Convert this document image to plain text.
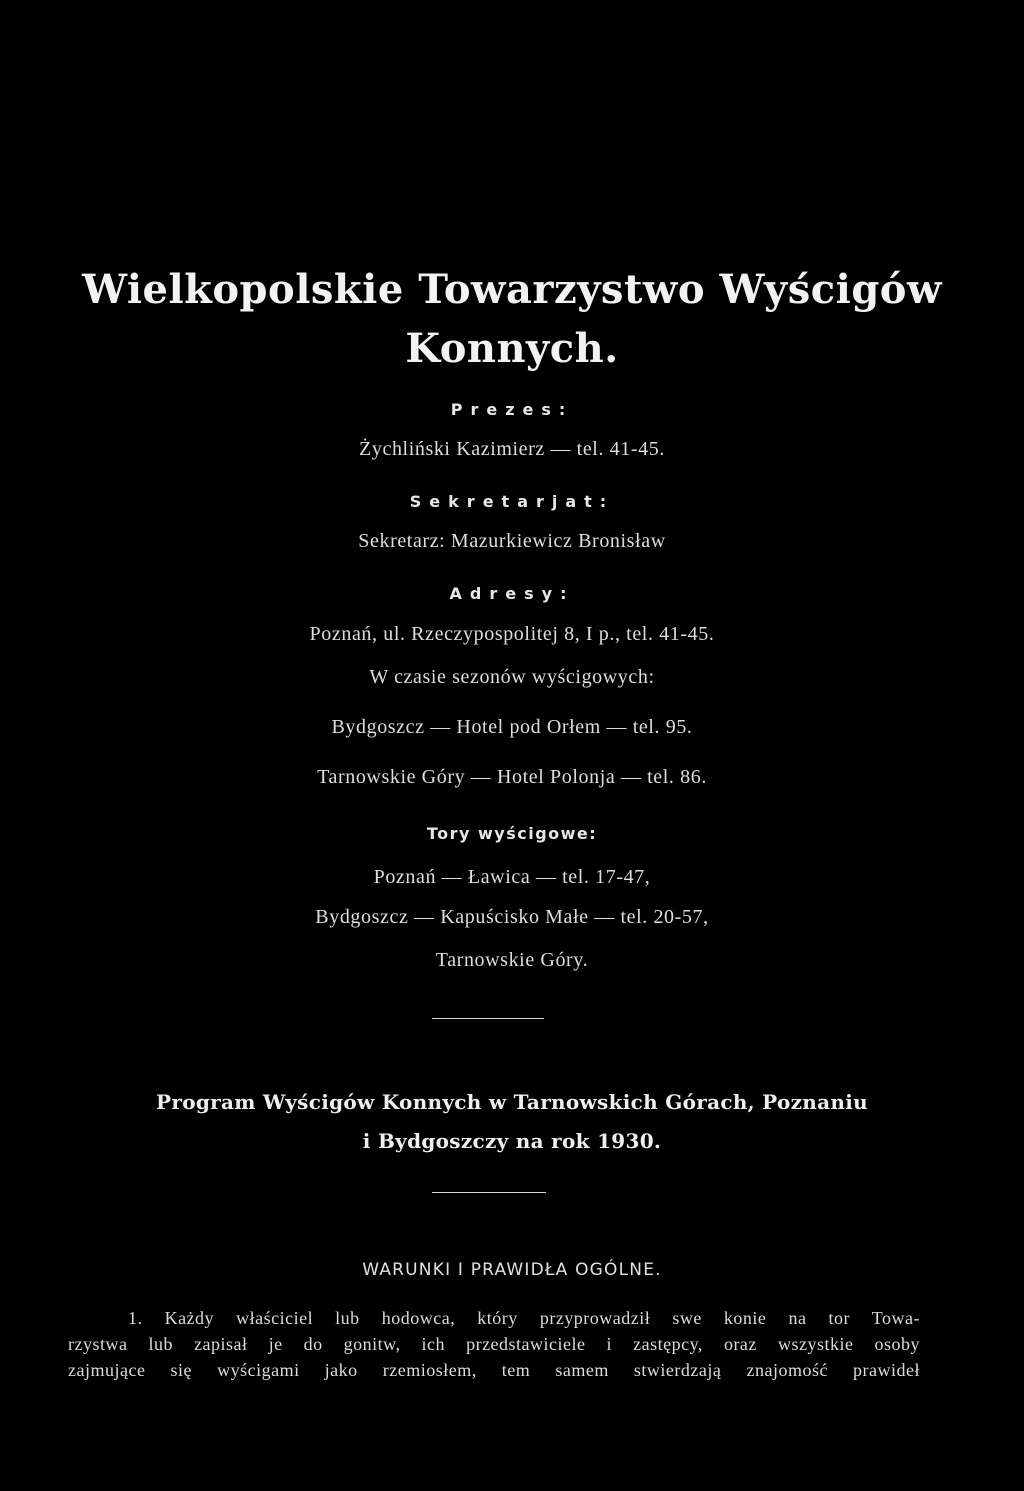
Wielkopolskie Towarzystwo Wyścigów
Konnych.
Prezes:
Żychliński Kazimierz — tel. 41-45.
Sekretarjat:
Sekretarz: Mazurkiewicz Bronisław
Adresy:
Poznań, ul. Rzeczypospolitej 8, I p., tel. 41-45.
W czasie sezonów wyścigowych:
Bydgoszcz — Hotel pod Orłem — tel. 95.
Tarnowskie Góry — Hotel Polonja — tel. 86.
Tory wyścigowe:
Poznań — Ławica — tel. 17-47,
Bydgoszcz — Kapuścisko Małe — tel. 20-57,
Tarnowskie Góry.
Program Wyścigów Konnych w Tarnowskich Górach, Poznaniu
i Bydgoszczy na rok 1930.
WARUNKI I PRAWIDŁA OGÓLNE.
1. Każdy właściciel lub hodowca, który przyprowadził swe konie na tor Towa-
rzystwa lub zapisał je do gonitw, ich przedstawiciele i zastępcy, oraz wszystkie osoby
zajmujące się wyścigami jako rzemiosłem, tem samem stwierdzają znajomość prawideł
